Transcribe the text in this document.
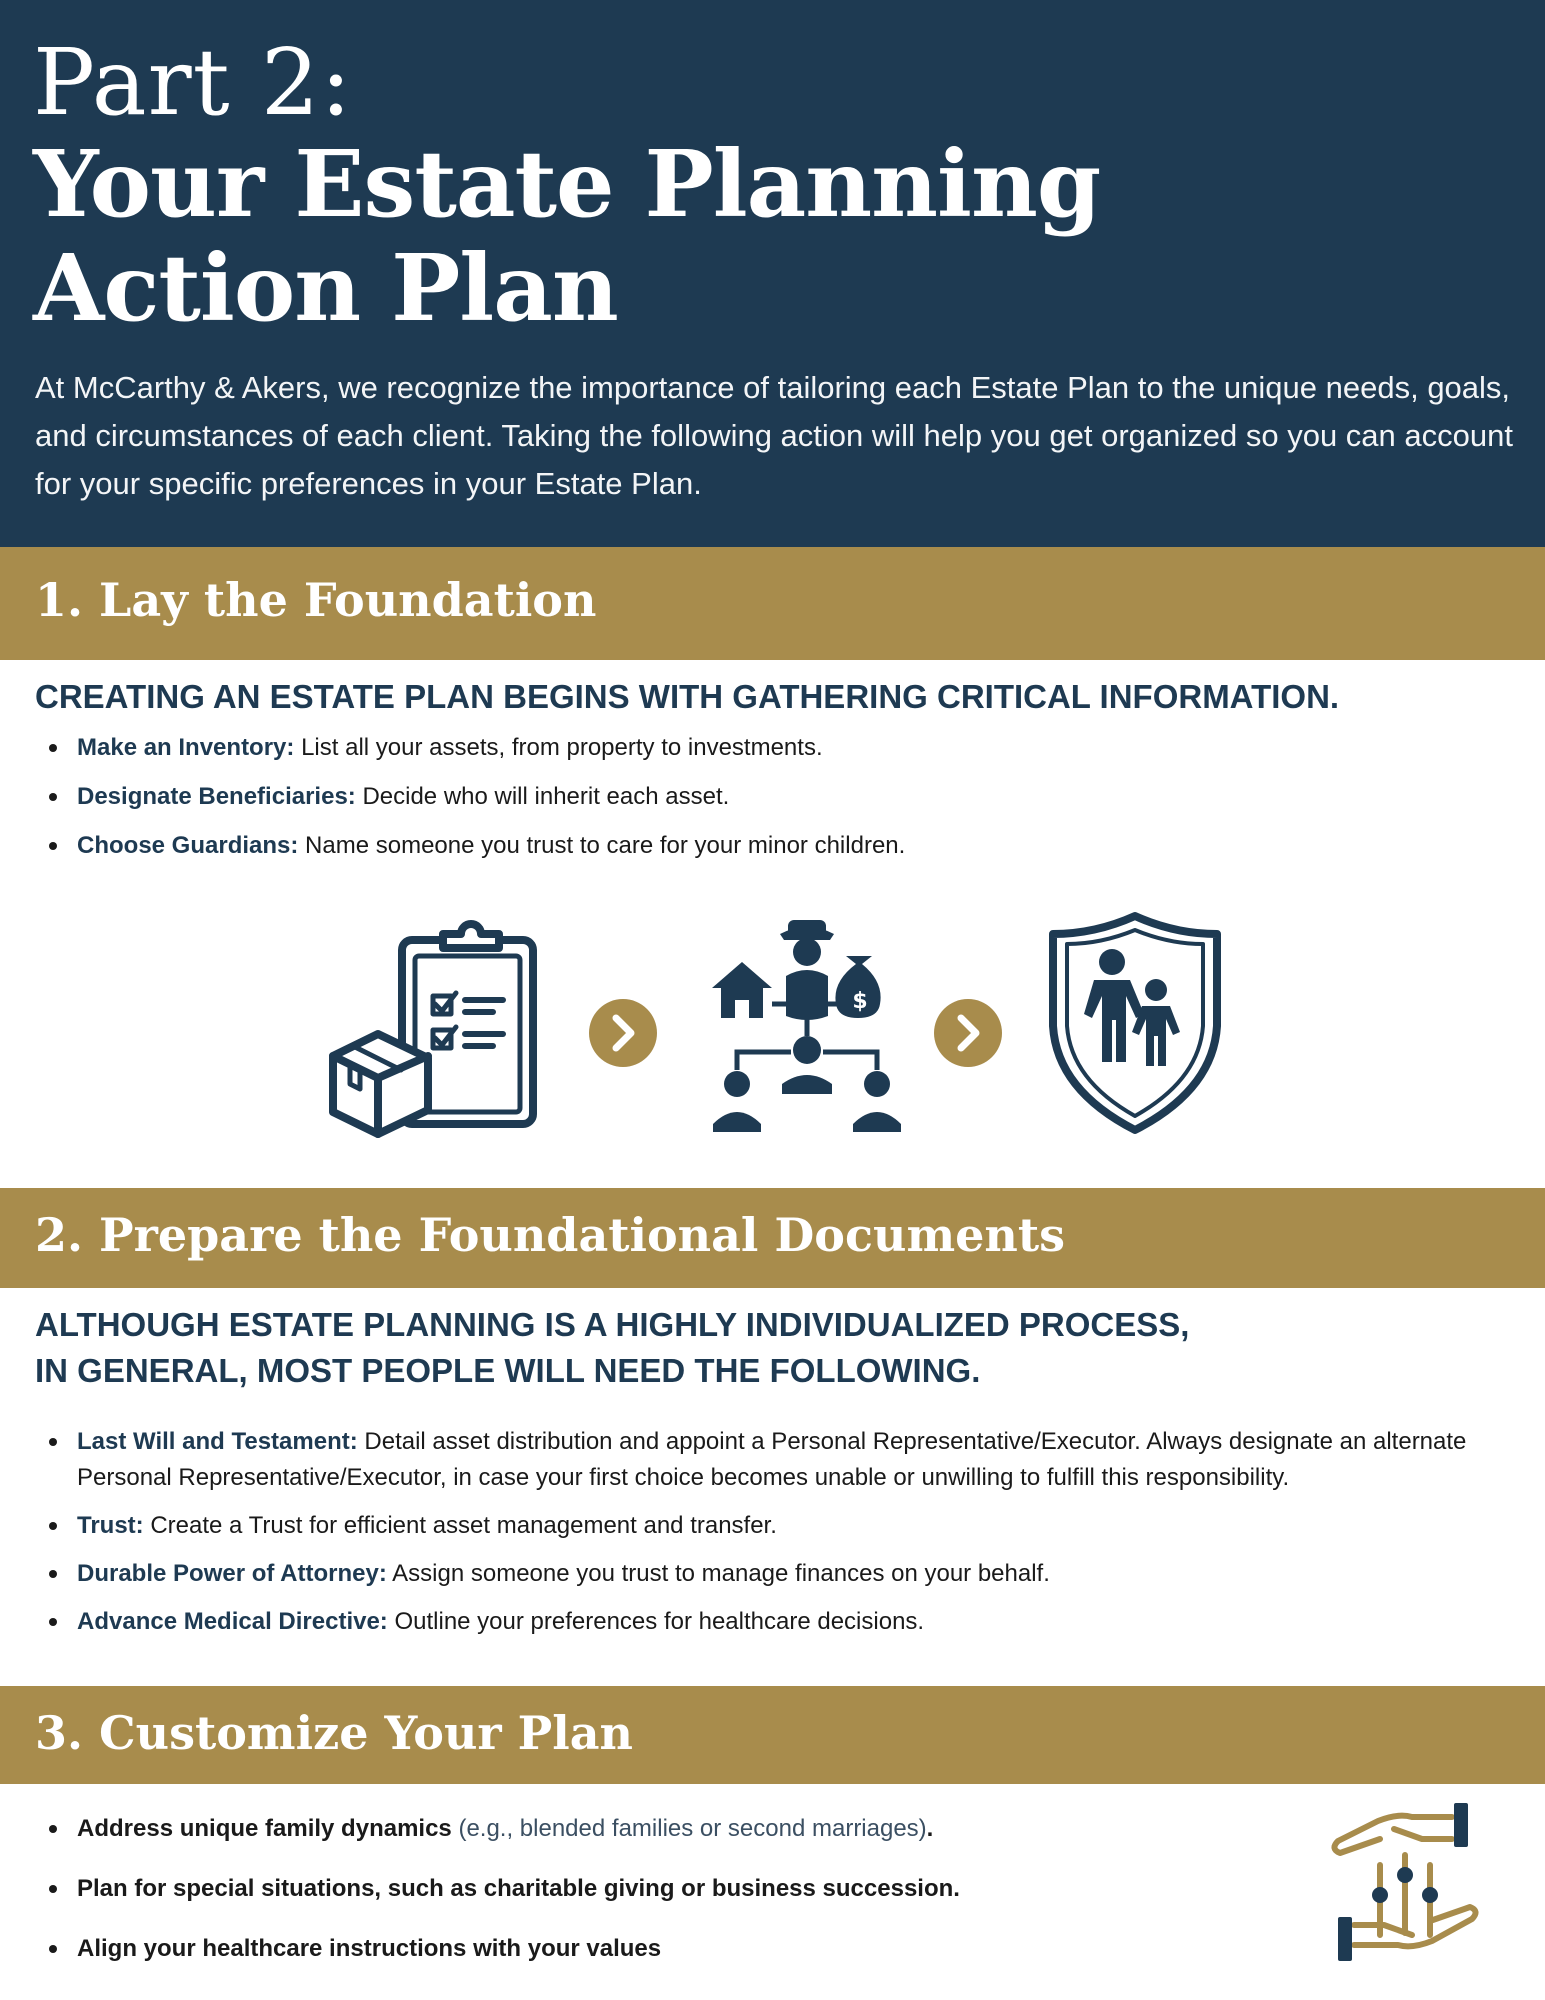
Part 2:
Your Estate Planning
Action Plan
At McCarthy & Akers, we recognize the importance of tailoring each Estate Plan to the unique needs, goals, and circumstances of each client. Taking the following action will help you get organized so you can account for your specific preferences in your Estate Plan.
1. Lay the Foundation
CREATING AN ESTATE PLAN BEGINS WITH GATHERING CRITICAL INFORMATION.
Make an Inventory: List all your assets, from property to investments.
Designate Beneficiaries: Decide who will inherit each asset.
Choose Guardians: Name someone you trust to care for your minor children.
$
2. Prepare the Foundational Documents
ALTHOUGH ESTATE PLANNING IS A HIGHLY INDIVIDUALIZED PROCESS,
IN GENERAL, MOST PEOPLE WILL NEED THE FOLLOWING.
Last Will and Testament: Detail asset distribution and appoint a Personal Representative/Executor. Always designate an alternate Personal Representative/Executor, in case your first choice becomes unable or unwilling to fulfill this responsibility.
Trust: Create a Trust for efficient asset management and transfer.
Durable Power of Attorney: Assign someone you trust to manage finances on your behalf.
Advance Medical Directive: Outline your preferences for healthcare decisions.
3. Customize Your Plan
Address unique family dynamics (e.g., blended families or second marriages).
Plan for special situations, such as charitable giving or business succession.
Align your healthcare instructions with your values
